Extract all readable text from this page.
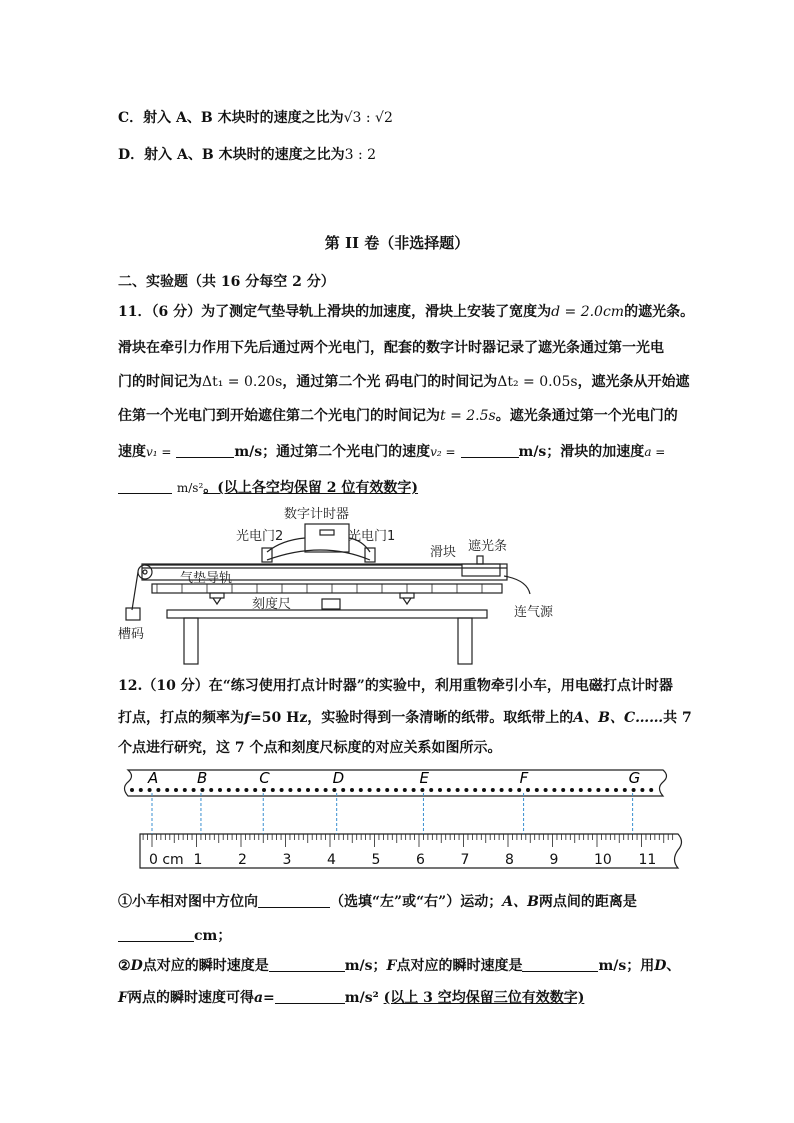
C．射入 A、B 木块时的速度之比为√3 : √2
D．射入 A、B 木块时的速度之比为3 : 2
第 II 卷（非选择题）
二、实验题（共 16 分每空 2 分）
11．（6 分）为了测定气垫导轨上滑块的加速度，滑块上安装了宽度为d = 2.0cm的遮光条。
滑块在牵引力作用下先后通过两个光电门，配套的数字计时器记录了遮光条通过第一光电
门的时间记为Δt₁ = 0.20s，通过第二个光 码电门的时间记为Δt₂ = 0.05s，遮光条从开始遮
住第一个光电门到开始遮住第二个光电门的时间记为t = 2.5s。遮光条通过第一个光电门的
速度v₁ =	m/s；通过第二个光电门的速度v₂ =	m/s；滑块的加速度a =
m/s²。(以上各空均保留 2 位有效数字)
数字计时器
光电门2	光电门1
滑块 遮光条
气垫导轨
刻度尺
连气源
槽码
12.（10 分）在“练习使用打点计时器”的实验中，利用重物牵引小车，用电磁打点计时器
打点，打点的频率为f=50 Hz，实验时得到一条清晰的纸带。取纸带上的A、B、C……共 7
个点进行研究，这 7 个点和刻度尺标度的对应关系如图所示。
0 cm 1	2	3	4	5	6	7	8	9	10 11
A	B	C	D	E	F	G
①小车相对图中方位向	（选填“左”或“右”）运动；A、B两点间的距离是
cm；
②D点对应的瞬时速度是	m/s；F点对应的瞬时速度是	m/s；用D、
F两点的瞬时速度可得a=	m/s² (以上 3 空均保留三位有效数字)
